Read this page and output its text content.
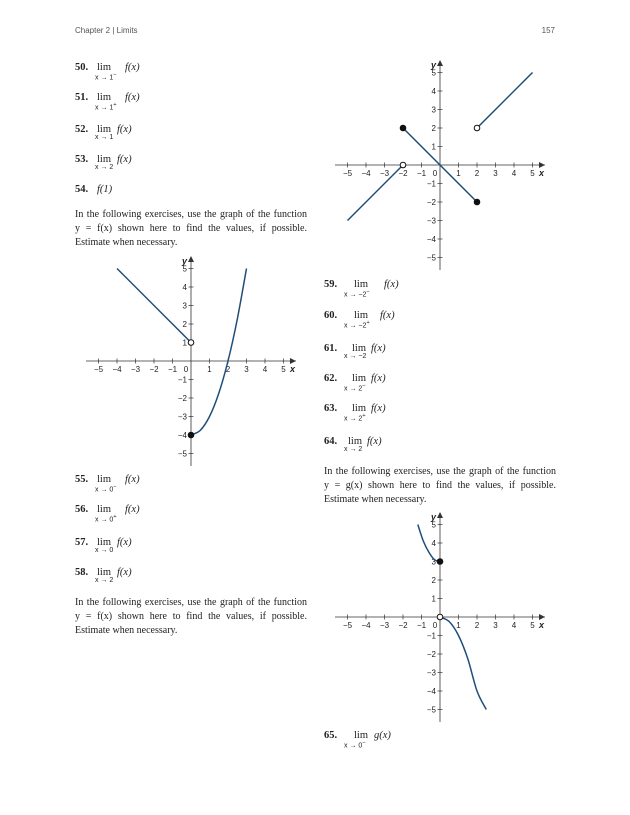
Chapter 2 | Limits	157
50. lim
x → 1−
f(x)
51. lim
x → 1+
f(x)
52. lim
x → 1
f(x)
53. lim
x → 2
f(x)
54. f(1)
In the following exercises, use the graph of the function
y = f(x) shown here to find the values, if possible.
Estimate when necessary.
x
y
−5 −4 −3 −2 −1 0 1 2 3 4 5
5
4
3
2
1
−1
−2
−3
−4
−5
55. lim
x → 0−
f(x)
56. lim
x → 0+
f(x)
57. lim
x → 0
f(x)
58. lim
x → 2
f(x)
In the following exercises, use the graph of the function
y = f(x) shown here to find the values, if possible.
Estimate when necessary.
x
y
−5 −4 −3 −2 −1 0 1 2 3 4 5
5
4
3
2
1
−1
−2
−3
−4
−5
59. lim
x → −2−
f(x)
60. lim
x → −2+
f(x)
61. lim
x → −2
f(x)
62. lim
x → 2−
f(x)
63. lim
x → 2+
f(x)
64. lim
x → 2
f(x)
In the following exercises, use the graph of the function
y = g(x) shown here to find the values, if possible.
Estimate when necessary.
x
y
−5 −4 −3 −2 −1 0 1 2 3 4 5
5
4
3
2
1
−1
−2
−3
−4
−5
65. lim
x → 0−
g(x)
